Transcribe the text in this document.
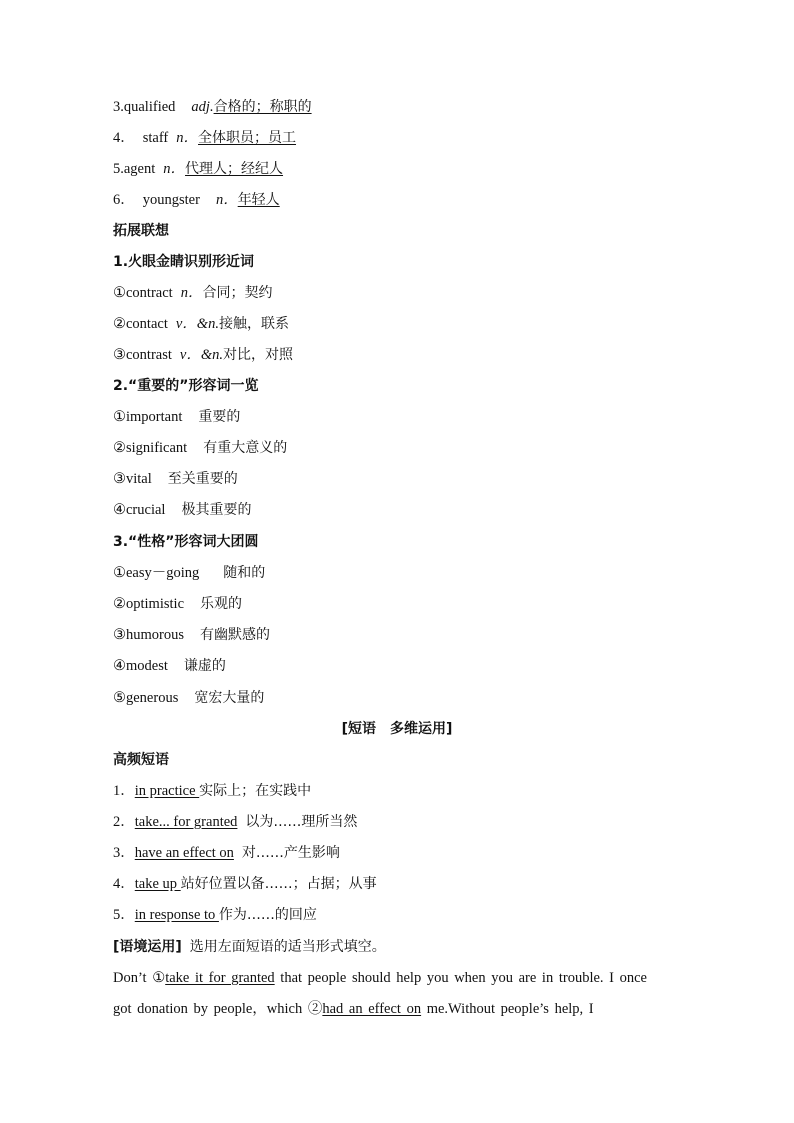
3.qualified adj.合格的；称职的
4． staff n．全体职员；员工
5.agent n．代理人；经纪人
6． youngster n．年轻人
拓展联想
1.火眼金睛识别形近词
①contract n．合同；契约
②contact v．&n.接触，联系
③contrast v．&n.对比，对照
2.“重要的”形容词一览
①important 重要的
②significant 有重大意义的
③vital 至关重要的
④crucial 极其重要的
3.“性格”形容词大团圆
①easy－going 随和的
②optimistic 乐观的
③humorous 有幽默感的
④modest 谦虚的
⑤generous 宽宏大量的
[短语　多维运用]
高频短语
1．in practice 实际上；在实践中
2．take... for granted 以为……理所当然
3．have an effect on 对……产生影响
4．take up 站好位置以备……；占据；从事
5．in response to 作为……的回应
[语境运用] 选用左面短语的适当形式填空。
Don’t ①take it for granted that people should help you when you are in trouble. I once
got donation by people，which ②had an effect on me.Without people’s help, I
